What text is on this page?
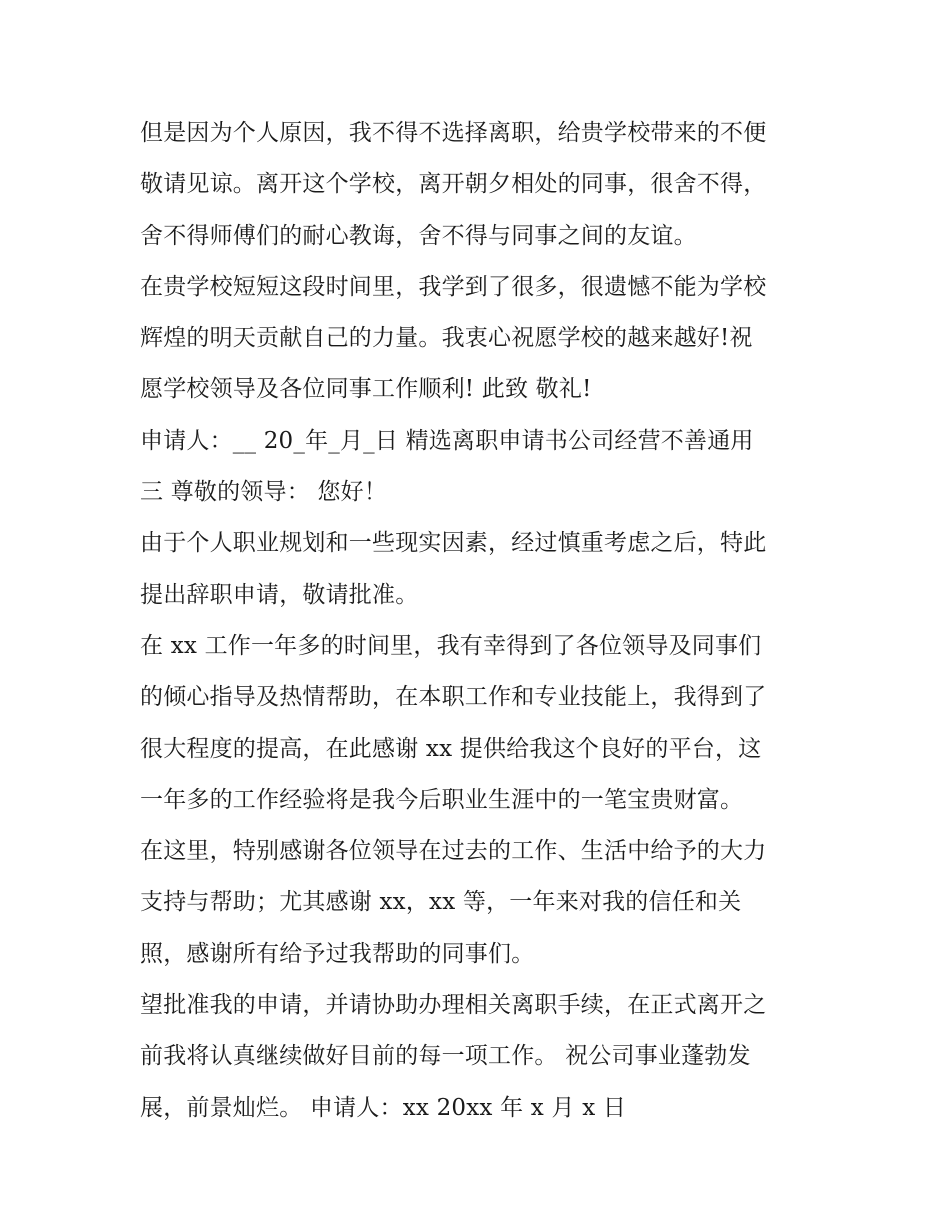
但是因为个人原因，我不得不选择离职，给贵学校带来的不便
敬请见谅。离开这个学校，离开朝夕相处的同事，很舍不得，
舍不得师傅们的耐心教诲，舍不得与同事之间的友谊。
在贵学校短短这段时间里，我学到了很多，很遗憾不能为学校
辉煌的明天贡献自己的力量。我衷心祝愿学校的越来越好!祝
愿学校领导及各位同事工作顺利! 此致 敬礼!
申请人：__ 20_年_月_日 精选离职申请书公司经营不善通用
三 尊敬的领导： 您好！
由于个人职业规划和一些现实因素，经过慎重考虑之后，特此
提出辞职申请，敬请批准。
在 xx 工作一年多的时间里，我有幸得到了各位领导及同事们
的倾心指导及热情帮助，在本职工作和专业技能上，我得到了
很大程度的提高，在此感谢 xx 提供给我这个良好的平台，这
一年多的工作经验将是我今后职业生涯中的一笔宝贵财富。
在这里，特别感谢各位领导在过去的工作、生活中给予的大力
支持与帮助；尤其感谢 xx，xx 等，一年来对我的信任和关
照，感谢所有给予过我帮助的同事们。
望批准我的申请，并请协助办理相关离职手续，在正式离开之
前我将认真继续做好目前的每一项工作。 祝公司事业蓬勃发
展，前景灿烂。 申请人：xx 20xx 年 x 月 x 日
